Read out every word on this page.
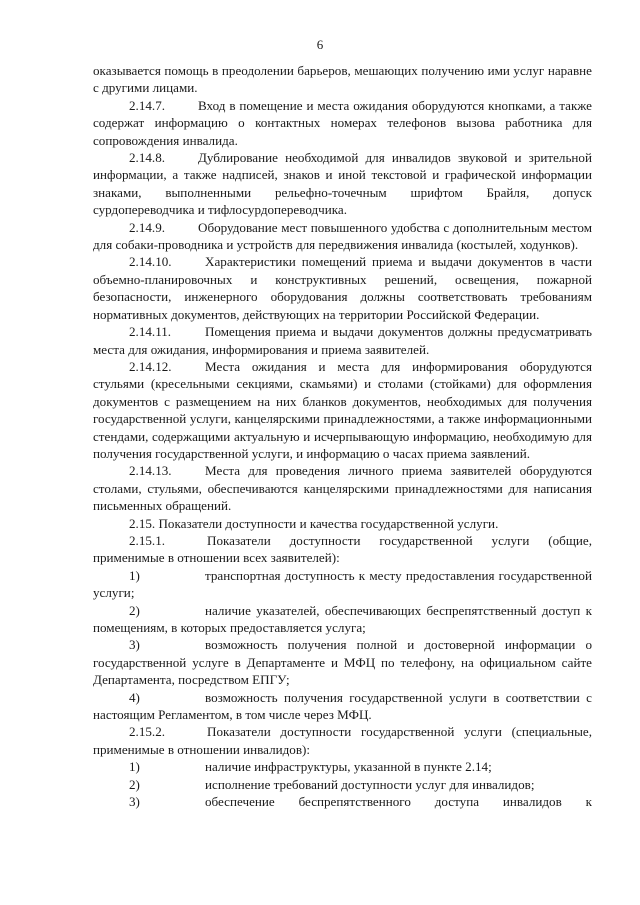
6

оказывается помощь в преодолении барьеров, мешающих получению ими услуг наравне с другими лицами.

2.14.7.	Вход в помещение и места ожидания оборудуются кнопками, а также содержат информацию о контактных номерах телефонов вызова работника для сопровождения инвалида.

2.14.8.	Дублирование необходимой для инвалидов звуковой и зрительной информации, а также надписей, знаков и иной текстовой и графической информации знаками, выполненными рельефно-точечным шрифтом Брайля, допуск сурдопереводчика и тифлосурдопереводчика.

2.14.9.	Оборудование мест повышенного удобства с дополнительным местом для собаки-проводника и устройств для передвижения инвалида (костылей, ходунков).

2.14.10.	Характеристики помещений приема и выдачи документов в части объемно-планировочных и конструктивных решений, освещения, пожарной безопасности, инженерного оборудования должны соответствовать требованиям нормативных документов, действующих на территории Российской Федерации.

2.14.11.	Помещения приема и выдачи документов должны предусматривать места для ожидания, информирования и приема заявителей.

2.14.12.	Места ожидания и места для информирования оборудуются стульями (кресельными секциями, скамьями) и столами (стойками) для оформления документов с размещением на них бланков документов, необходимых для получения государственной услуги, канцелярскими принадлежностями, а также информационными стендами, содержащими актуальную и исчерпывающую информацию, необходимую для получения государственной услуги, и информацию о часах приема заявлений.

2.14.13.	Места для проведения личного приема заявителей оборудуются столами, стульями, обеспечиваются канцелярскими принадлежностями для написания письменных обращений.

2.15. Показатели доступности и качества государственной услуги.

2.15.1.	Показатели доступности государственной услуги (общие, применимые в отношении всех заявителей):

1)	транспортная доступность к месту предоставления государственной услуги;

2)	наличие указателей, обеспечивающих беспрепятственный доступ к помещениям, в которых предоставляется услуга;

3)	возможность получения полной и достоверной информации о государственной услуге в Департаменте и МФЦ по телефону, на официальном сайте Департамента, посредством ЕПГУ;

4)	возможность получения государственной услуги в соответствии с настоящим Регламентом, в том числе через МФЦ.

2.15.2.	Показатели доступности государственной услуги (специальные, применимые в отношении инвалидов):

1)	наличие инфраструктуры, указанной в пункте 2.14;

2)	исполнение требований доступности услуг для инвалидов;

3)	обеспечение беспрепятственного доступа инвалидов к
